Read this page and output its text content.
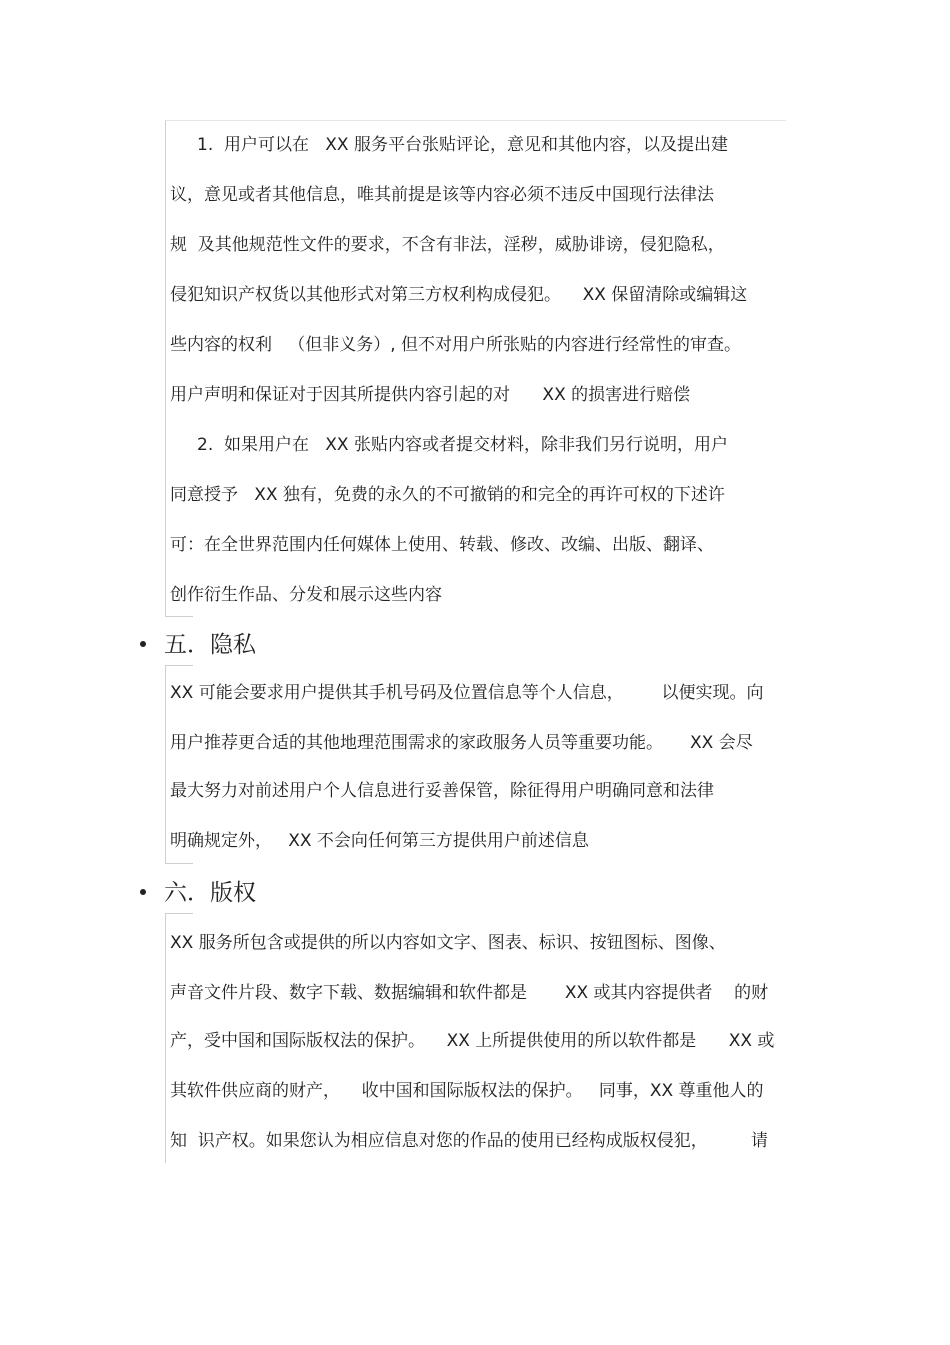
1.  用户可以在   XX 服务平台张贴评论，意见和其他内容，以及提出建
议，意见或者其他信息，唯其前提是该等内容必须不违反中国现行法律法
规  及其他规范性文件的要求，不含有非法，淫秽，威胁诽谤，侵犯隐私，
侵犯知识产权货以其他形式对第三方权利构成侵犯。    XX 保留清除或编辑这
些内容的权利   （但非义务）, 但不对用户所张贴的内容进行经常性的审查。
用户声明和保证对于因其所提供内容引起的对      XX 的损害进行赔偿
2.  如果用户在   XX 张贴内容或者提交材料，除非我们另行说明，用户
同意授予   XX 独有，免费的永久的不可撤销的和完全的再许可权的下述许
可：在全世界范围内任何媒体上使用、转载、修改、改编、出版、翻译、
创作衍生作品、分发和展示这些内容
五．隐私
XX 可能会要求用户提供其手机号码及位置信息等个人信息，       以便实现。向
用户推荐更合适的其他地理范围需求的家政服务人员等重要功能。     XX 会尽
最大努力对前述用户个人信息进行妥善保管，除征得用户明确同意和法律
明确规定外，   XX 不会向任何第三方提供用户前述信息
六．版权
XX 服务所包含或提供的所以内容如文字、图表、标识、按钮图标、图像、
声音文件片段、数字下载、数据编辑和软件都是       XX 或其内容提供者    的财
产，受中国和国际版权法的保护。    XX 上所提供使用的所以软件都是      XX 或
其软件供应商的财产，    收中国和国际版权法的保护。   同事，XX 尊重他人的
知  识产权。如果您认为相应信息对您的作品的使用已经构成版权侵犯，        请
